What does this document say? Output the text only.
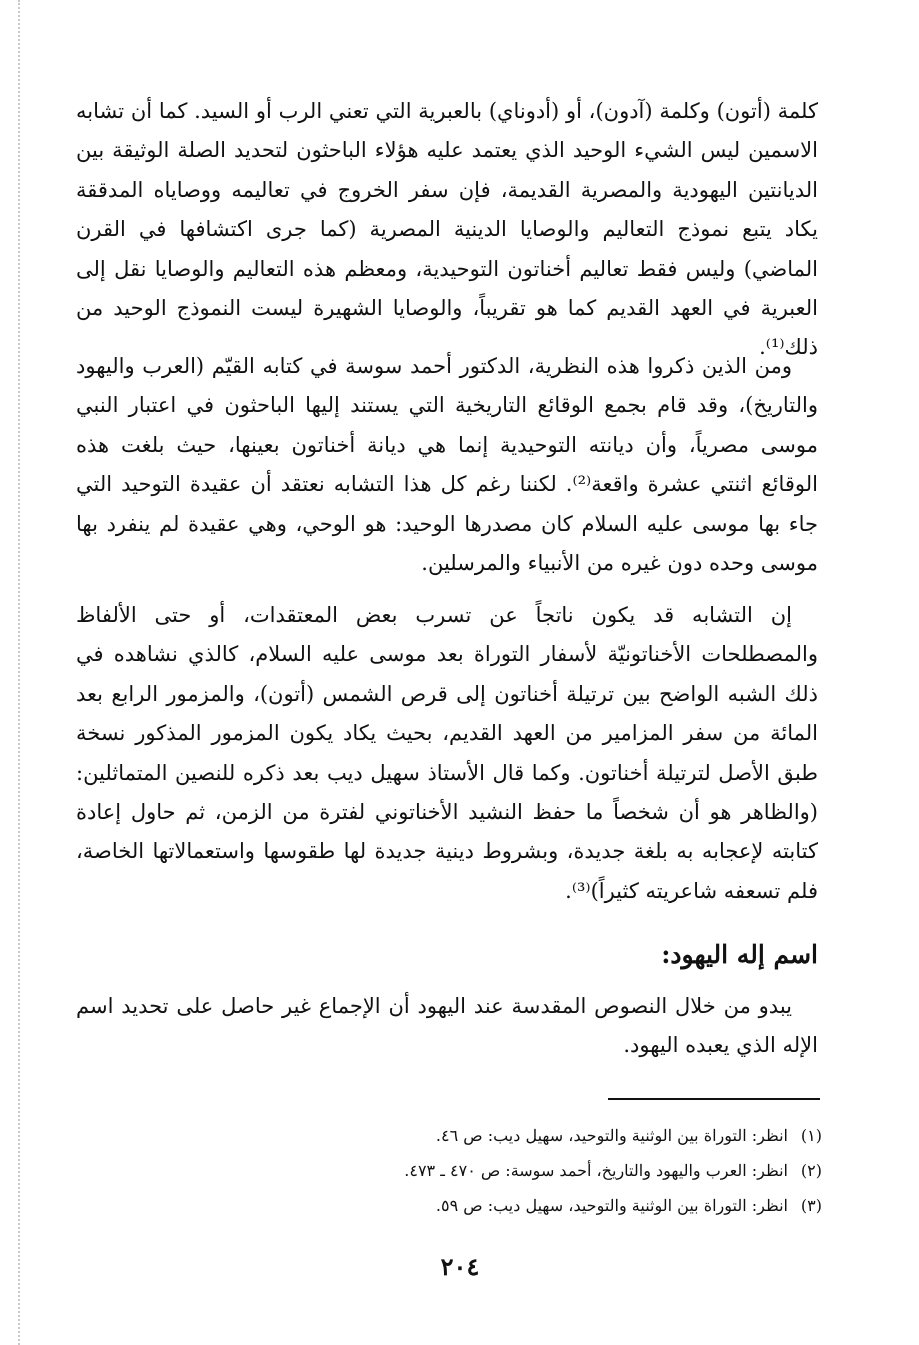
كلمة (أتون) وكلمة (آدون)، أو (أدوناي) بالعبرية التي تعني الرب أو السيد. كما أن تشابه الاسمين ليس الشيء الوحيد الذي يعتمد عليه هؤلاء الباحثون لتحديد الصلة الوثيقة بين الديانتين اليهودية والمصرية القديمة، فإن سفر الخروج في تعاليمه ووصاياه المدققة يكاد يتبع نموذج التعاليم والوصايا الدينية المصرية (كما جرى اكتشافها في القرن الماضي) وليس فقط تعاليم أخناتون التوحيدية، ومعظم هذه التعاليم والوصايا نقل إلى العبرية في العهد القديم كما هو تقريباً، والوصايا الشهيرة ليست النموذج الوحيد من ذلك⁽¹⁾.

ومن الذين ذكروا هذه النظرية، الدكتور أحمد سوسة في كتابه القيّم (العرب واليهود والتاريخ)، وقد قام بجمع الوقائع التاريخية التي يستند إليها الباحثون في اعتبار النبي موسى مصرياً، وأن ديانته التوحيدية إنما هي ديانة أخناتون بعينها، حيث بلغت هذه الوقائع اثنتي عشرة واقعة⁽²⁾. لكننا رغم كل هذا التشابه نعتقد أن عقيدة التوحيد التي جاء بها موسى عليه السلام كان مصدرها الوحيد: هو الوحي، وهي عقيدة لم ينفرد بها موسى وحده دون غيره من الأنبياء والمرسلين.

إن التشابه قد يكون ناتجاً عن تسرب بعض المعتقدات، أو حتى الألفاظ والمصطلحات الأخناتونيّة لأسفار التوراة بعد موسى عليه السلام، كالذي نشاهده في ذلك الشبه الواضح بين ترتيلة أخناتون إلى قرص الشمس (أتون)، والمزمور الرابع بعد المائة من سفر المزامير من العهد القديم، بحيث يكاد يكون المزمور المذكور نسخة طبق الأصل لترتيلة أخناتون. وكما قال الأستاذ سهيل ديب بعد ذكره للنصين المتماثلين: (والظاهر هو أن شخصاً ما حفظ النشيد الأخناتوني لفترة من الزمن، ثم حاول إعادة كتابته لإعجابه به بلغة جديدة، وبشروط دينية جديدة لها طقوسها واستعمالاتها الخاصة، فلم تسعفه شاعريته كثيراً)⁽³⁾.

اسم إله اليهود:

يبدو من خلال النصوص المقدسة عند اليهود أن الإجماع غير حاصل على تحديد اسم الإله الذي يعبده اليهود.

(١)
انظر: التوراة بين الوثنية والتوحيد، سهيل ديب: ص ٤٦.
(٢)
انظر: العرب واليهود والتاريخ، أحمد سوسة: ص ٤٧٠ ـ ٤٧٣.
(٣)
انظر: التوراة بين الوثنية والتوحيد، سهيل ديب: ص ٥٩.
٢٠٤
